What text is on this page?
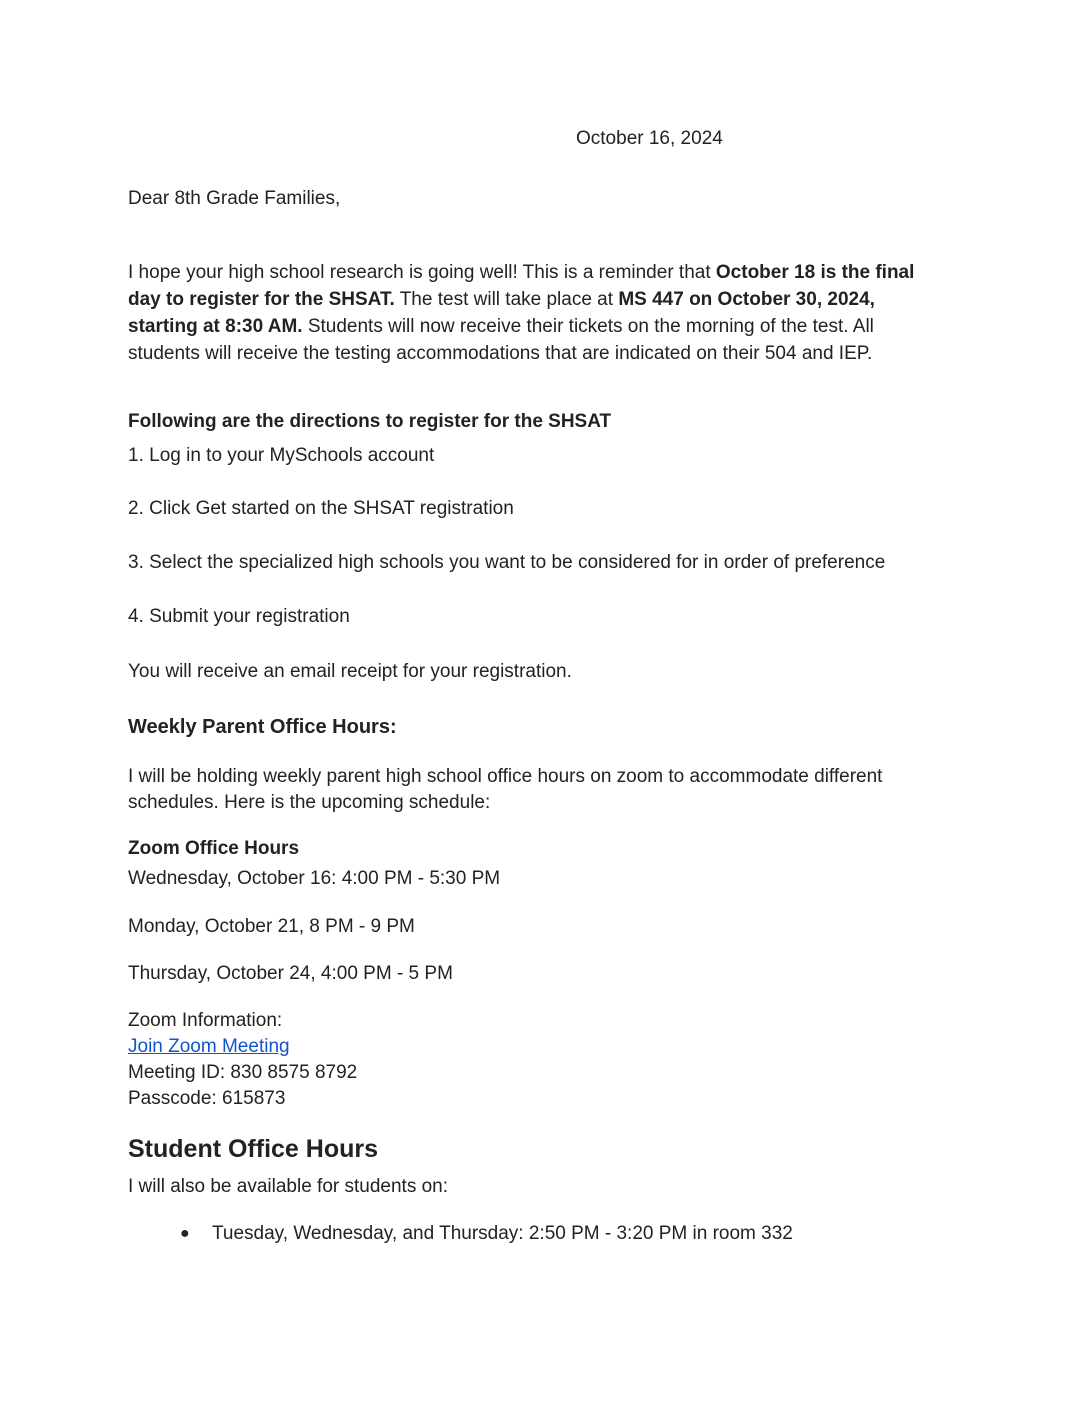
October 16, 2024
Dear 8th Grade Families,
I hope your high school research is going well! This is a reminder that October 18 is the final day to register for the SHSAT. The test will take place at MS 447 on October 30, 2024, starting at 8:30 AM. Students will now receive their tickets on the morning of the test. All students will receive the testing accommodations that are indicated on their 504 and IEP.
Following are the directions to register for the SHSAT
1. Log in to your MySchools account
2. Click Get started on the SHSAT registration
3. Select the specialized high schools you want to be considered for in order of preference
4. Submit your registration
You will receive an email receipt for your registration.
Weekly Parent Office Hours:
I will be holding weekly parent high school office hours on zoom to accommodate different schedules. Here is the upcoming schedule:
Zoom Office Hours
Wednesday, October 16: 4:00 PM - 5:30 PM
Monday, October 21, 8 PM - 9 PM
Thursday, October 24, 4:00 PM - 5 PM
Zoom Information:
Join Zoom Meeting
Meeting ID: 830 8575 8792
Passcode: 615873
Student Office Hours
I will also be available for students on:
● Tuesday, Wednesday, and Thursday: 2:50 PM - 3:20 PM in room 332
